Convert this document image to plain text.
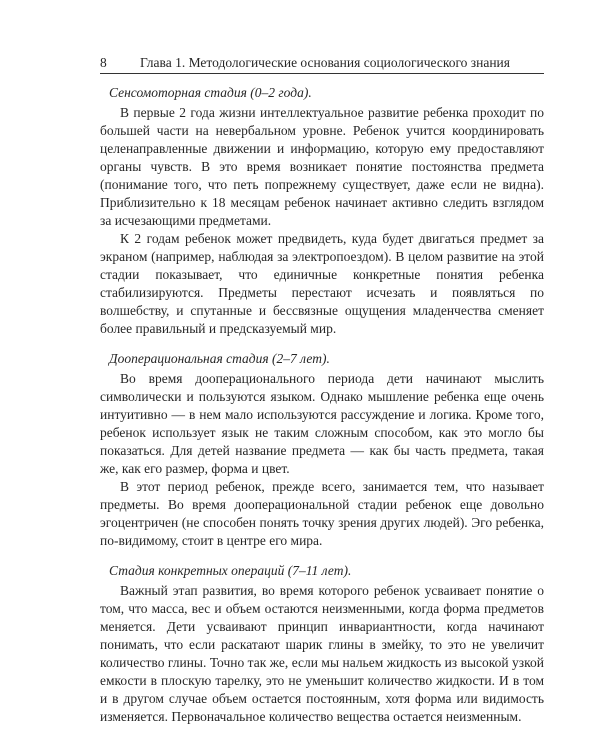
8 Глава 1. Методологические основания социологического знания
Сенсомоторная стадия (0–2 года).

В первые 2 года жизни интеллектуальное развитие ребенка проходит по большей части на невербальном уровне. Ребенок учится координировать целенаправленные движении и информацию, которую ему предоставляют органы чувств. В это время возникает понятие постоянства предмета (понимание того, что петь попрежнему существует, даже если не видна). Приблизительно к 18 месяцам ребенок начинает активно следить взглядом за исчезающими предметами.

К 2 годам ребенок может предвидеть, куда будет двигаться предмет за экраном (например, наблюдая за электропоездом). В целом развитие на этой стадии показывает, что единичные конкретные понятия ребенка стабилизируются. Предметы перестают исчезать и появляться по волшебству, и спутанные и бессвязные ощущения младенчества сменяет более правильный и предсказуемый мир.

Дооперациональная стадия (2–7 лет).

Во время дооперационального периода дети начинают мыслить символически и пользуются языком. Однако мышление ребенка еще очень интуитивно — в нем мало используются рассуждение и логика. Кроме того, ребенок использует язык не таким сложным способом, как это могло бы показаться. Для детей название предмета — как бы часть предмета, такая же, как его размер, форма и цвет.

В этот период ребенок, прежде всего, занимается тем, что называет предметы. Во время дооперациональной стадии ребенок еще довольно эгоцентричен (не способен понять точку зрения других людей). Эго ребенка, по-видимому, стоит в центре его мира.

Стадия конкретных операций (7–11 лет).

Важный этап развития, во время которого ребенок усваивает понятие о том, что масса, вес и объем остаются неизменными, когда форма предметов меняется. Дети усваивают принцип инвариантности, когда начинают понимать, что если раскатают шарик глины в змейку, то это не увеличит количество глины. Точно так же, если мы нальем жидкость из высокой узкой емкости в плоскую тарелку, это не уменьшит количество жидкости. И в том и в другом случае объем остается постоянным, хотя форма или видимость изменяется. Первоначальное количество вещества остается неизменным.
